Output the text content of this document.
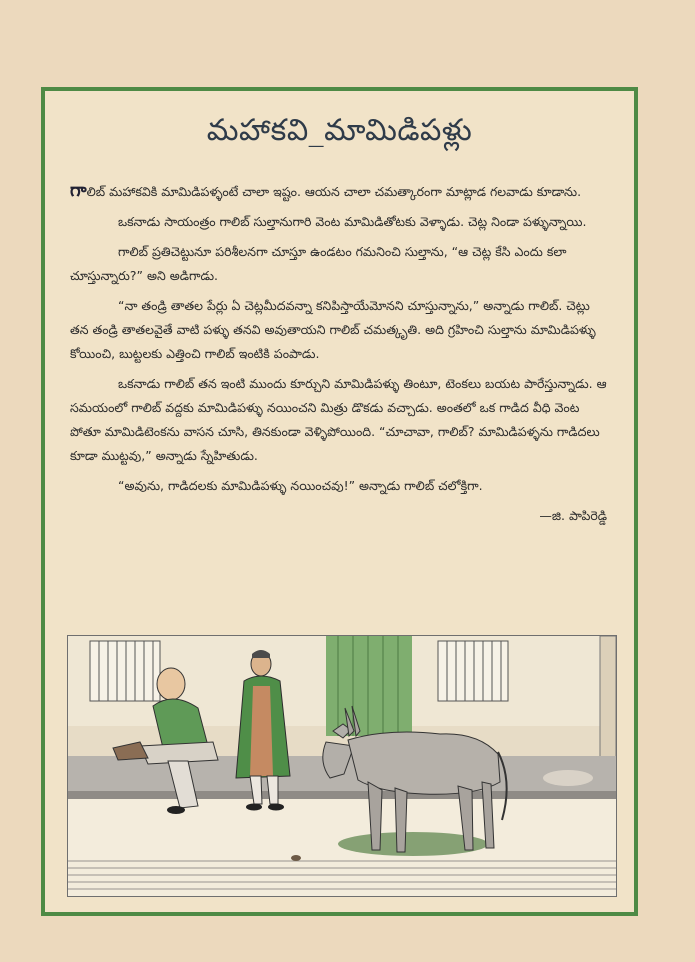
మహాకవి_మామిడిపళ్లు

గాలిబ్ మహాకవికి మామిడిపళ్ళంటే చాలా ఇష్టం. ఆయన చాలా చమత్కారంగా మాట్లాడ గలవాడు కూడాను.

ఒకనాడు సాయంత్రం గాలిబ్ సుల్తానుగారి వెంట మామిడితోటకు వెళ్ళాడు. చెట్ల నిండా పళ్ళున్నాయి.

గాలిబ్ ప్రతిచెట్టునూ పరిశీలనగా చూస్తూ ఉండటం గమనించి సుల్తాను, “ఆ చెట్ల కేసి ఎందు కలా చూస్తున్నారు?” అని అడిగాడు.

“నా తండ్రి తాతల పేర్లు ఏ చెట్లమీదవన్నా కనిపిస్తాయేమోనని చూస్తున్నాను,” అన్నాడు గాలిబ్. చెట్లు తన తండ్రి తాతలవైతే వాటి పళ్ళు తనవి అవుతాయని గాలిబ్ చమత్కృతి. అది గ్రహించి సుల్తాను మామిడిపళ్ళు కోయించి, బుట్టలకు ఎత్తించి గాలిబ్ ఇంటికి పంపాడు.

ఒకనాడు గాలిబ్ తన ఇంటి ముందు కూర్చుని మామిడిపళ్ళు తింటూ, టెంకలు బయట పారేస్తున్నాడు. ఆ సమయంలో గాలిబ్ వద్దకు మామిడిపళ్ళు నయించని మిత్రు డొకడు వచ్చాడు. అంతలో ఒక గాడిద వీధి వెంట పోతూ మామిడిటెంకను వాసన చూసి, తినకుండా వెళ్ళిపోయింది. “చూచావా, గాలిబ్? మామిడిపళ్ళను గాడిదలు కూడా ముట్టవు,” అన్నాడు స్నేహితుడు.

“అవును, గాడిదలకు మామిడిపళ్ళు నయించవు!” అన్నాడు గాలిబ్ చలోక్తిగా.

—జి. పాపిరెడ్డి
